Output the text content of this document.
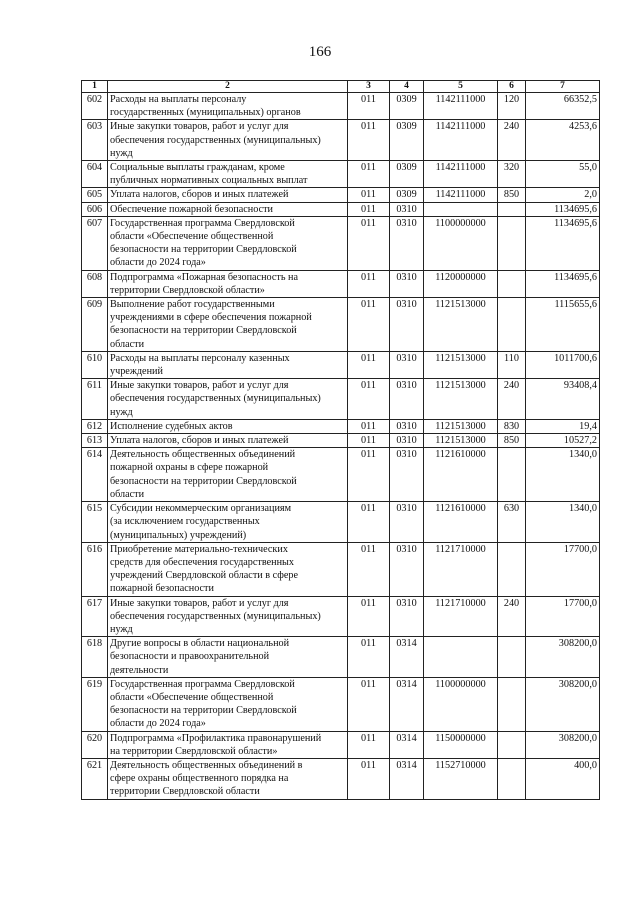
166
1	2	3	4	5	6	7
602	Расходы на выплаты персоналу
государственных (муниципальных) органов	011	0309	1142111000	120	66352,5
603	Иные закупки товаров, работ и услуг для
обеспечения государственных (муниципальных)
нужд	011	0309	1142111000	240	4253,6
604	Социальные выплаты гражданам, кроме
публичных нормативных социальных выплат	011	0309	1142111000	320	55,0
605	Уплата налогов, сборов и иных платежей	011	0309	1142111000	850	2,0
606	Обеспечение пожарной безопасности	011	0310			1134695,6
607	Государственная программа Свердловской
области «Обеспечение общественной
безопасности на территории Свердловской
области до 2024 года»	011	0310	1100000000		1134695,6
608	Подпрограмма «Пожарная безопасность на
территории Свердловской области»	011	0310	1120000000		1134695,6
609	Выполнение работ государственными
учреждениями в сфере обеспечения пожарной
безопасности на территории Свердловской
области	011	0310	1121513000		1115655,6
610	Расходы на выплаты персоналу казенных
учреждений	011	0310	1121513000	110	1011700,6
611	Иные закупки товаров, работ и услуг для
обеспечения государственных (муниципальных)
нужд	011	0310	1121513000	240	93408,4
612	Исполнение судебных актов	011	0310	1121513000	830	19,4
613	Уплата налогов, сборов и иных платежей	011	0310	1121513000	850	10527,2
614	Деятельность общественных объединений
пожарной охраны в сфере пожарной
безопасности на территории Свердловской
области	011	0310	1121610000		1340,0
615	Субсидии некоммерческим организациям
(за исключением государственных
(муниципальных) учреждений)	011	0310	1121610000	630	1340,0
616	Приобретение материально-технических
средств для обеспечения государственных
учреждений Свердловской области в сфере
пожарной безопасности	011	0310	1121710000		17700,0
617	Иные закупки товаров, работ и услуг для
обеспечения государственных (муниципальных)
нужд	011	0310	1121710000	240	17700,0
618	Другие вопросы в области национальной
безопасности и правоохранительной
деятельности	011	0314			308200,0
619	Государственная программа Свердловской
области «Обеспечение общественной
безопасности на территории Свердловской
области до 2024 года»	011	0314	1100000000		308200,0
620	Подпрограмма «Профилактика правонарушений
на территории Свердловской области»	011	0314	1150000000		308200,0
621	Деятельность общественных объединений в
сфере охраны общественного порядка на
территории Свердловской области	011	0314	1152710000		400,0
